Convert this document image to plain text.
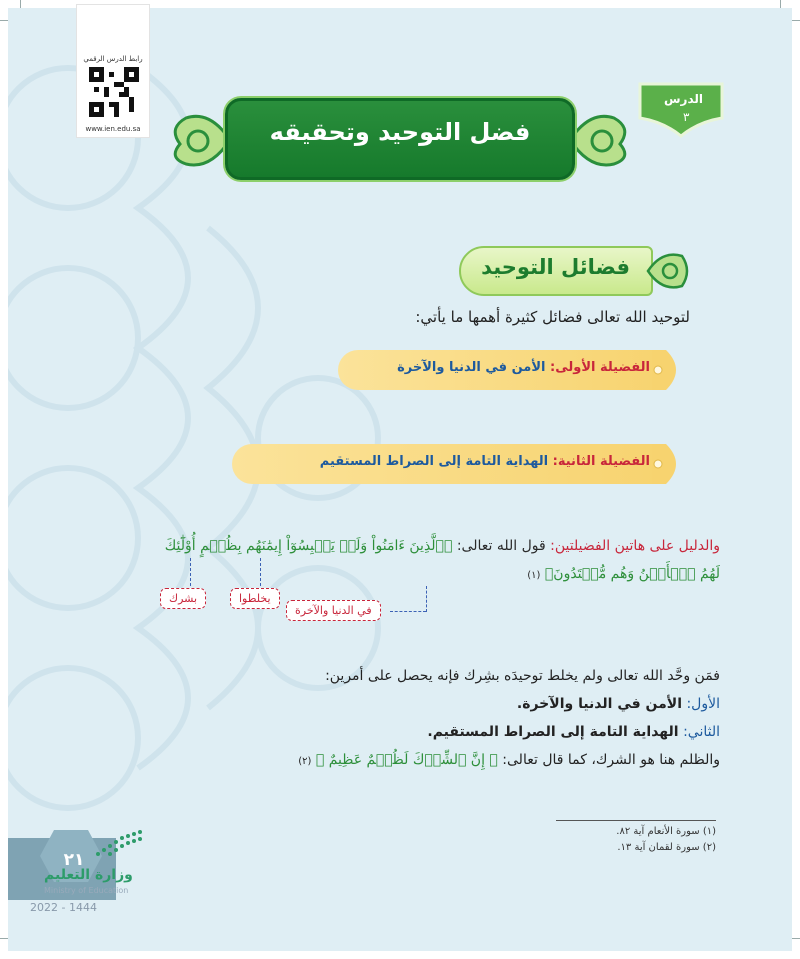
رابط الدرس الرقمي
www.ien.edu.sa
الدرس
٣
فضل التوحيد وتحقيقه
فضائل التوحيد
لتوحيد الله تعالى فضائل كثيرة أهمها ما يأتي:
الفضيلة الأولى: الأمن في الدنيا والآخرة
الفضيلة الثانية: الهداية التامة إلى الصراط المستقيم
والدليل على هاتين الفضيلتين: قول الله تعالى: ﴿ٱلَّذِينَ ءَامَنُواْ وَلَمۡ يَلۡبِسُوٓاْ إِيمَٰنَهُم بِظُلۡمٍ أُوْلَٰٓئِكَ
لَهُمُ ٱلۡأَمۡنُ وَهُم مُّهۡتَدُونَ﴾ (١)
بشرك	يخلطوا
في الدنيا والآخرة
فمَن وحَّد الله تعالى ولم يخلط توحيدَه بشِرك فإنه يحصل على أمرين:
الأول: الأمن في الدنيا والآخرة.
الثاني: الهداية التامة إلى الصراط المستقيم.
والظلم هنا هو الشرك، كما قال تعالى: ﴿ إِنَّ ٱلشِّرۡكَ لَظُلۡمٌ عَظِيمٌ ﴾ (٢)
(١) سورة الأنعام آية ٨٢.
(٢) سورة لقمان آية ١٣.
٢١
وزارة التعليم
Ministry of Education
2022 - 1444
